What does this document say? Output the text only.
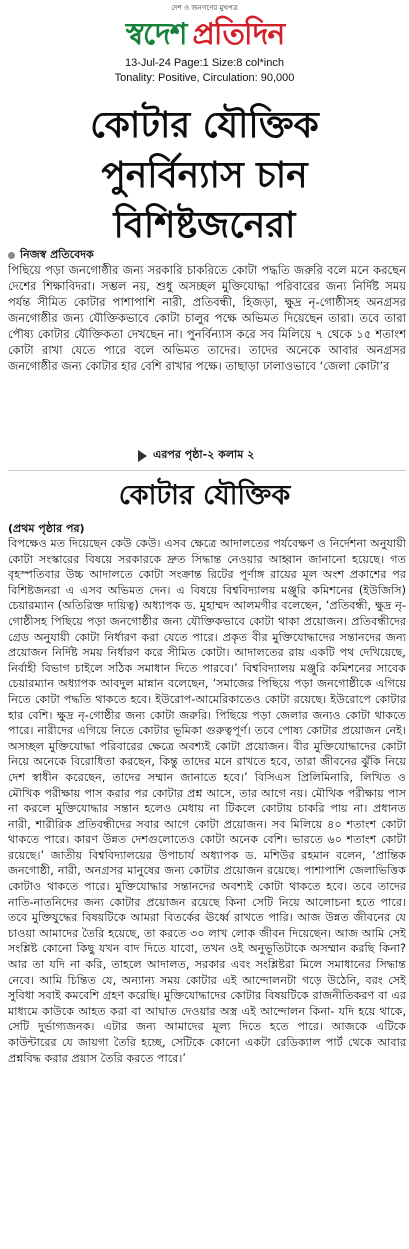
দেশ ও জনগণের মুখপত্র
স্বদেশ প্রতিদিন
13-Jul-24 Page:1 Size:8 col*inch
Tonality: Positive, Circulation: 90,000
কোটার যৌক্তিক
পুনর্বিন্যাস চান
বিশিষ্টজনেরা
নিজস্ব প্রতিবেদক
পিছিয়ে পড়া জনগোষ্ঠীর জন্য সরকারি চাকরিতে কোটা পদ্ধতি জরুরি বলে মনে করছেন দেশের শিক্ষাবিদরা। সম্ভল নয়, শুধু অসচ্ছল মুক্তিযোদ্ধা পরিবারের জন্য নির্দিষ্ট সময় পর্যন্ত সীমিত কোটার পাশাপাশি নারী, প্রতিবন্ধী, হিজড়া, ক্ষুদ্র নৃ-গোষ্ঠীসহ অনগ্রসর জনগোষ্ঠীর জন্য যৌক্তিকভাবে কোটা চালুর পক্ষে অভিমত দিয়েছেন তারা। তবে তারা পৌষ্য কোটার যৌক্তিকতা দেখছেন না। পুনর্বিন্যাস করে সব মিলিয়ে ৭ থেকে ১৫ শতাংশ কোটা রাখা যেতে পারে বলে অভিমত তাদের। তাদের অনেকে আবার অনগ্রসর জনগোষ্ঠীর জন্য কোটার হার বেশি রাখার পক্ষে। তাছাড়া ঢালাওভাবে ‘জেলা কোটা’র
এরপর পৃষ্ঠা-২ কলাম ২
কোটার যৌক্তিক
(প্রথম পৃষ্ঠার পর)
বিপক্ষেও মত দিয়েছেন কেউ কেউ। এসব ক্ষেত্রে আদালতের পর্যবেক্ষণ ও নির্দেশনা অনুযায়ী কোটা সংস্কারের বিষয়ে সরকারকে দ্রুত সিদ্ধান্ত নেওয়ার আহ্বান জানানো হয়েছে। গত বৃহস্পতিবার উচ্চ আদালতে কোটা সংক্রান্ত রিটের পূর্ণাঙ্গ রায়ের মূল অংশ প্রকাশের পর বিশিষ্টজনরা এ এসব অভিমত দেন। এ বিষয়ে বিশ্ববিদ্যালয় মঞ্জুরি কমিশনের (ইউজিসি) চেয়ারম্যান (অতিরিক্ত দায়িত্ব) অধ্যাপক ড. মুহাম্মদ আলমগীর বলেছেন, ‘প্রতিবন্ধী, ক্ষুদ্র নৃ-গোষ্ঠীসহ পিছিয়ে পড়া জনগোষ্ঠীর জন্য যৌক্তিকভাবে কোটা থাকা প্রয়োজন। প্রতিবন্ধীদের গ্রেড অনুযায়ী কোটা নির্ধারণ করা যেতে পারে। প্রকৃত বীর মুক্তিযোদ্ধাদের সন্তানদের জন্য প্রয়োজন নির্দিষ্ট সময় নির্ধারণ করে সীমিত কোটা। আদালতের রায় একটি পথ দেখিয়েছে, নির্বাহী বিভাগ চাইলে সঠিক সমাধান দিতে পারবে।’ বিশ্ববিদ্যালয় মঞ্জুরি কমিশনের সাবেক চেয়ারম্যান অধ্যাপক আবদুল মান্নান বলেছেন, ‘সমাজের পিছিয়ে পড়া জনগোষ্ঠীকে এগিয়ে নিতে কোটা পদ্ধতি থাকতে হবে। ইউরোপ-আমেরিকাতেও কোটা রয়েছে। ইউরোপে কোটার হার বেশি। ক্ষুদ্র নৃ-গোষ্ঠীর জন্য কোটা জরুরি। পিছিয়ে পড়া জেলার জন্যও কোটা থাকতে পারে। নারীদের এগিয়ে নিতে কোটার ভূমিকা গুরুত্বপূর্ণ। তবে পোষ্য কোটার প্রয়োজন নেই। অসচ্ছল মুক্তিযোদ্ধা পরিবারের ক্ষেত্রে অবশ্যই কোটা প্রয়োজন। বীর মুক্তিযোদ্ধাদের কোটা নিয়ে অনেকে বিরোধিতা করছেন, কিন্তু তাদের মনে রাখতে হবে, তারা জীবনের ঝুঁকি নিয়ে দেশ স্বাধীন করেছেন, তাদের সম্মান জানাতে হবে।’ বিসিএস প্রিলিমিনারি, লিখিত ও মৌখিক পরীক্ষায় পাস করার পর কোটার প্রশ্ন আসে, তার আগে নয়। মৌখিক পরীক্ষায় পাস না করলে মুক্তিযোদ্ধার সন্তান হলেও মেধায় না টিকলে কোটায় চাকরি পায় না। প্রধানত নারী, শারীরিক প্রতিবন্ধীদের সবার আগে কোটা প্রয়োজন। সব মিলিয়ে ৪০ শতাংশ কোটা থাকতে পারে। কারণ উন্নত দেশগুলোতেও কোটা অনেক বেশি। ভারতে ৬০ শতাংশ কোটা রয়েছে।’ জাতীয় বিশ্ববিদ্যালয়ের উপাচার্য অধ্যাপক ড. মশিউর রহমান বলেন, ‘প্রান্তিক জনগোষ্ঠী, নারী, অনগ্রসর মানুষের জন্য কোটার প্রয়োজন রয়েছে। পাশাপাশি জেলাভিত্তিক কোটাও থাকতে পারে। মুক্তিযোদ্ধার সন্তানদের অবশ্যই কোটা থাকতে হবে। তবে তাদের নাতি-নাতনিদের জন্য কোটার প্রয়োজন রয়েছে কিনা সেটি নিয়ে আলোচনা হতে পারে। তবে মুক্তিযুদ্ধের বিষয়টিকে আমরা বিতর্কের ঊর্ধ্বে রাখতে পারি। আজ উন্নত জীবনের যে চাওয়া আমাদের তৈরি হয়েছে, তা করতে ৩০ লাখ লোক জীবন দিয়েছেন। আজ আমি সেই সংশ্লিষ্ট কোনো কিছু যখন বাদ দিতে যাবো, তখন ওই অনুভূতিটাকে অসম্মান করছি কিনা? আর তা যদি না করি, তাহলে আদালত, সরকার এবং সংশ্লিষ্টরা মিলে সমাধানের সিদ্ধান্ত নেবে। আমি চিন্তিত যে, অন্যান্য সময় কোটার এই আন্দোলনটা গড়ে উঠেনি, বরং সেই সুবিধা সবাই কমবেশি গ্রহণ করেছি। মুক্তিযোদ্ধাদের কোটার বিষয়টিকে রাজনীতিকরণ বা এর মাধ্যমে কাউকে আহত করা বা আঘাত দেওয়ার অস্ত্র এই আন্দোলন কিনা- যদি হয়ে থাকে, সেটি দুর্ভাগ্যজনক। এটার জন্য আমাদের মূল্য দিতে হতে পারে। আজকে এটিকে কাউন্টারের যে জায়গা তৈরি হচ্ছে, সেটিকে কোনো একটা রেডিক্যাল পার্ট থেকে আবার প্রশ্নবিদ্ধ করার প্রয়াস তৈরি করতে পারে।’
